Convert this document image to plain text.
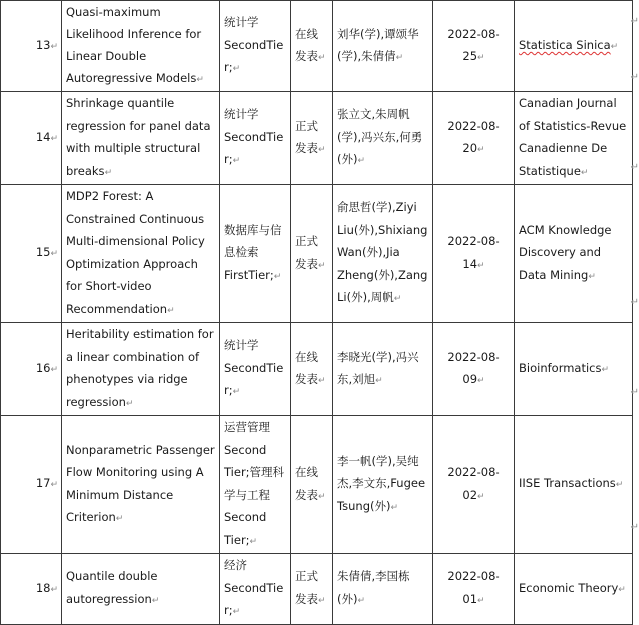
13↵	Quasi-maximum Likelihood Inference for Linear Double Autoregressive Models↵	统计学 SecondTier;↵	在线发表↵	刘华(学),谭颂华(学),朱倩倩↵	2022-08-25↵	Statistica Sinica↵
14↵	Shrinkage quantile regression for panel data with multiple structural breaks↵	统计学 SecondTier;↵	正式发表↵	张立文,朱周帆(学),冯兴东,何勇(外)↵	2022-08-20↵	Canadian Journal of Statistics-Revue Canadienne De Statistique↵
15↵	MDP2 Forest: A Constrained Continuous Multi-dimensional Policy Optimization Approach for Short-video Recommendation↵	数据库与信息检索 FirstTier;↵	正式发表↵	俞思哲(学),Ziyi Liu(外),Shixiang Wan(外),Jia Zheng(外),Zang Li(外),周帆↵	2022-08-14↵	ACM Knowledge Discovery and Data Mining↵
16↵	Heritability estimation for a linear combination of phenotypes via ridge regression↵	统计学 SecondTier;↵	在线发表↵	李晓光(学),冯兴东,刘旭↵	2022-08-09↵	Bioinformatics↵
17↵	Nonparametric Passenger Flow Monitoring using A Minimum Distance Criterion↵	运营管理 Second Tier;管理科学与工程 Second Tier;↵	在线发表↵	李一帆(学),吴纯杰,李文东,Fugee Tsung(外)↵	2022-08-02↵	IISE Transactions↵
18↵	Quantile double autoregression↵	经济 SecondTier;↵	正式发表↵	朱倩倩,李国栋(外)↵	2022-08-01↵	Economic Theory↵
↵
↵
↵
↵
↵
↵
